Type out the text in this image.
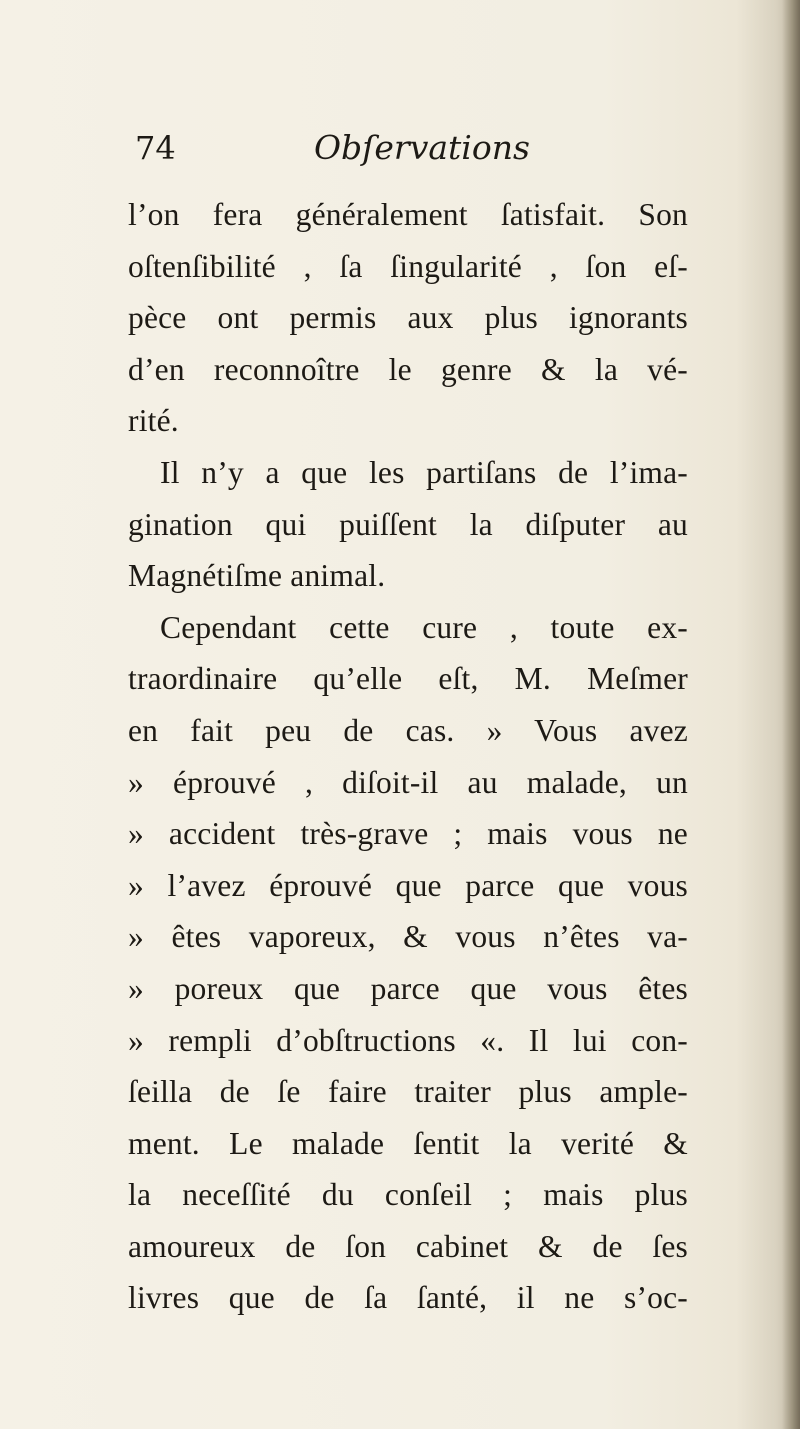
74	Obſervations
l’on fera généralement ſatisfait. Son
oſtenſibilité , ſa ſingularité , ſon eſ-
pèce ont permis aux plus ignorants
d’en reconnoître le genre & la vé-
rité.
Il n’y a que les partiſans de l’ima-
gination qui puiſſent la diſputer au
Magnétiſme animal.
Cependant cette cure , toute ex-
traordinaire qu’elle eſt, M. Meſmer
en fait peu de cas. » Vous avez
» éprouvé , diſoit-il au malade, un
» accident très-grave ; mais vous ne
» l’avez éprouvé que parce que vous
» êtes vaporeux, & vous n’êtes va-
» poreux que parce que vous êtes
» rempli d’obſtructions «. Il lui con-
ſeilla de ſe faire traiter plus ample-
ment. Le malade ſentit la verité &
la neceſſité du conſeil ; mais plus
amoureux de ſon cabinet & de ſes
livres que de ſa ſanté, il ne s’oc-
